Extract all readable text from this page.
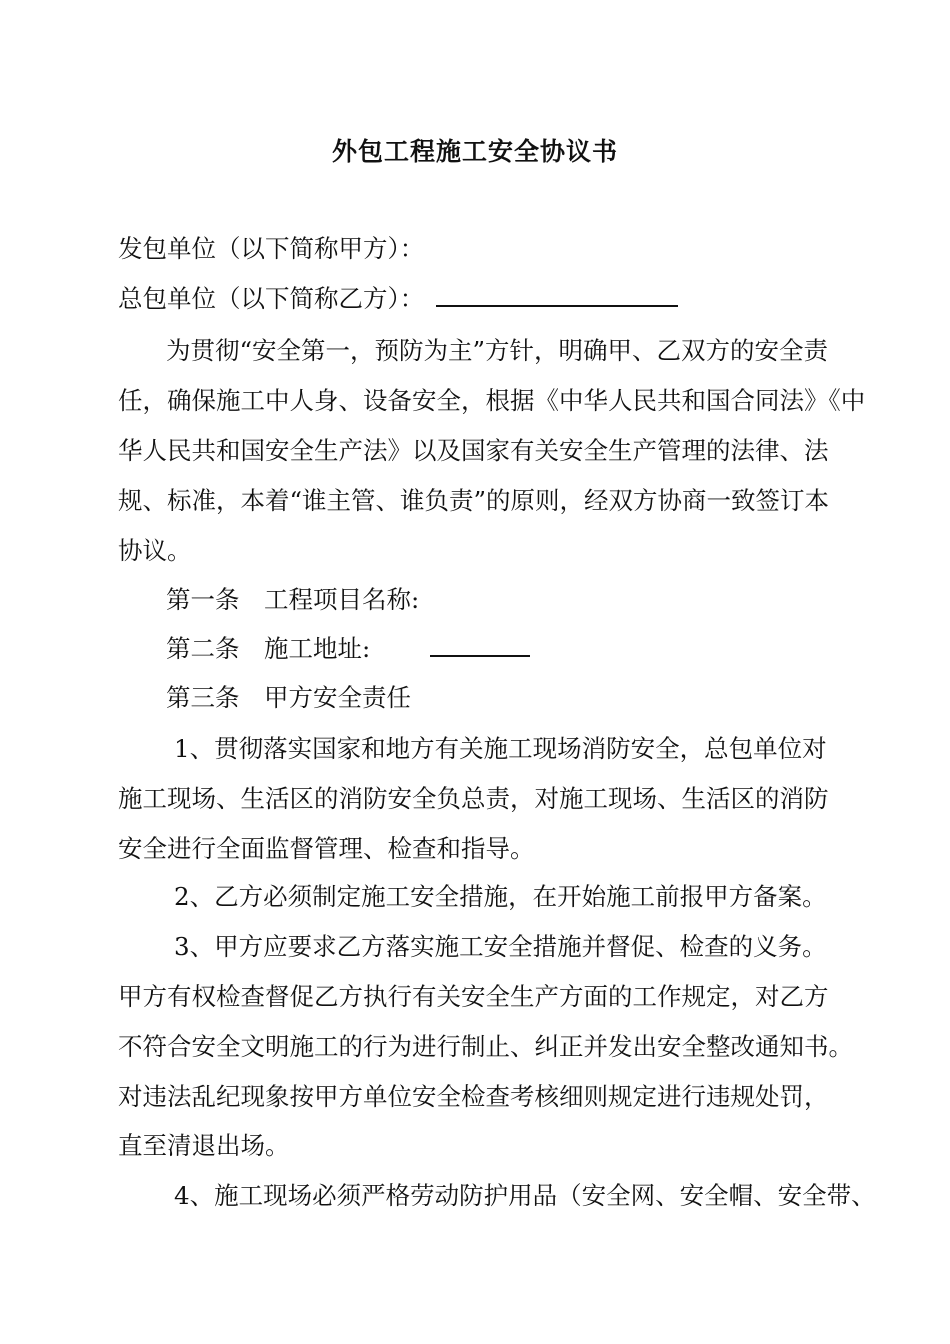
外包工程施工安全协议书
发包单位（以下简称甲方）：
总包单位（以下简称乙方）：
为贯彻“安全第一，预防为主”方针，明确甲、乙双方的安全责
任，确保施工中人身、设备安全，根据《中华人民共和国合同法》《中
华人民共和国安全生产法》以及国家有关安全生产管理的法律、法
规、标准，本着“谁主管、谁负责”的原则，经双方协商一致签订本
协议。
第一条　工程项目名称:
第二条　施工地址:
第三条　甲方安全责任
1、贯彻落实国家和地方有关施工现场消防安全，总包单位对
施工现场、生活区的消防安全负总责，对施工现场、生活区的消防
安全进行全面监督管理、检查和指导。
2、乙方必须制定施工安全措施，在开始施工前报甲方备案。
3、甲方应要求乙方落实施工安全措施并督促、检查的义务。
甲方有权检查督促乙方执行有关安全生产方面的工作规定，对乙方
不符合安全文明施工的行为进行制止、纠正并发出安全整改通知书。
对违法乱纪现象按甲方单位安全检查考核细则规定进行违规处罚，
直至清退出场。
4、施工现场必须严格劳动防护用品（安全网、安全帽、安全带、
